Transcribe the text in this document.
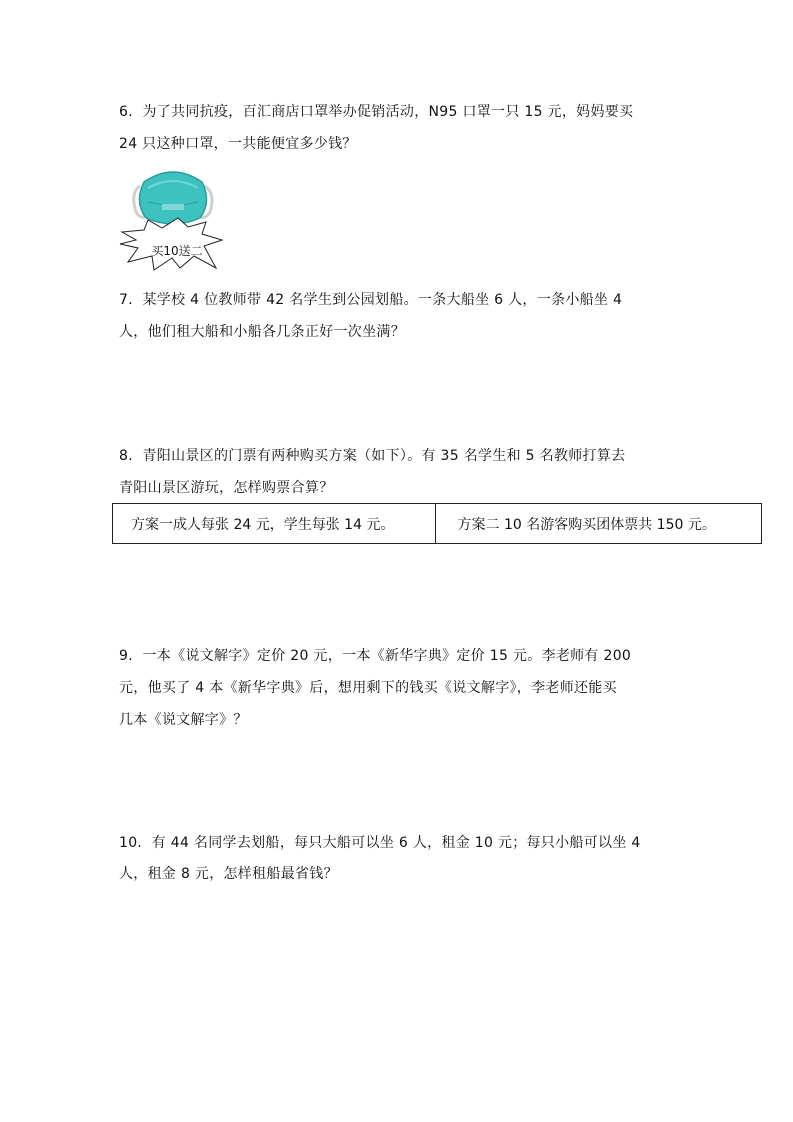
6．为了共同抗疫，百汇商店口罩举办促销活动，N95 口罩一只 15 元，妈妈要买
24 只这种口罩，一共能便宜多少钱？
买10送二
7．某学校 4 位教师带 42 名学生到公园划船。一条大船坐 6 人，一条小船坐 4
人，他们租大船和小船各几条正好一次坐满？
8．青阳山景区的门票有两种购买方案（如下）。有 35 名学生和 5 名教师打算去
青阳山景区游玩，怎样购票合算？
方案一成人每张 24 元，学生每张 14 元。	方案二 10 名游客购买团体票共 150 元。
9．一本《说文解字》定价 20 元，一本《新华字典》定价 15 元。李老师有 200
元，他买了 4 本《新华字典》后，想用剩下的钱买《说文解字》，李老师还能买
几本《说文解字》？
10．有 44 名同学去划船，每只大船可以坐 6 人，租金 10 元；每只小船可以坐 4
人，租金 8 元，怎样租船最省钱？
